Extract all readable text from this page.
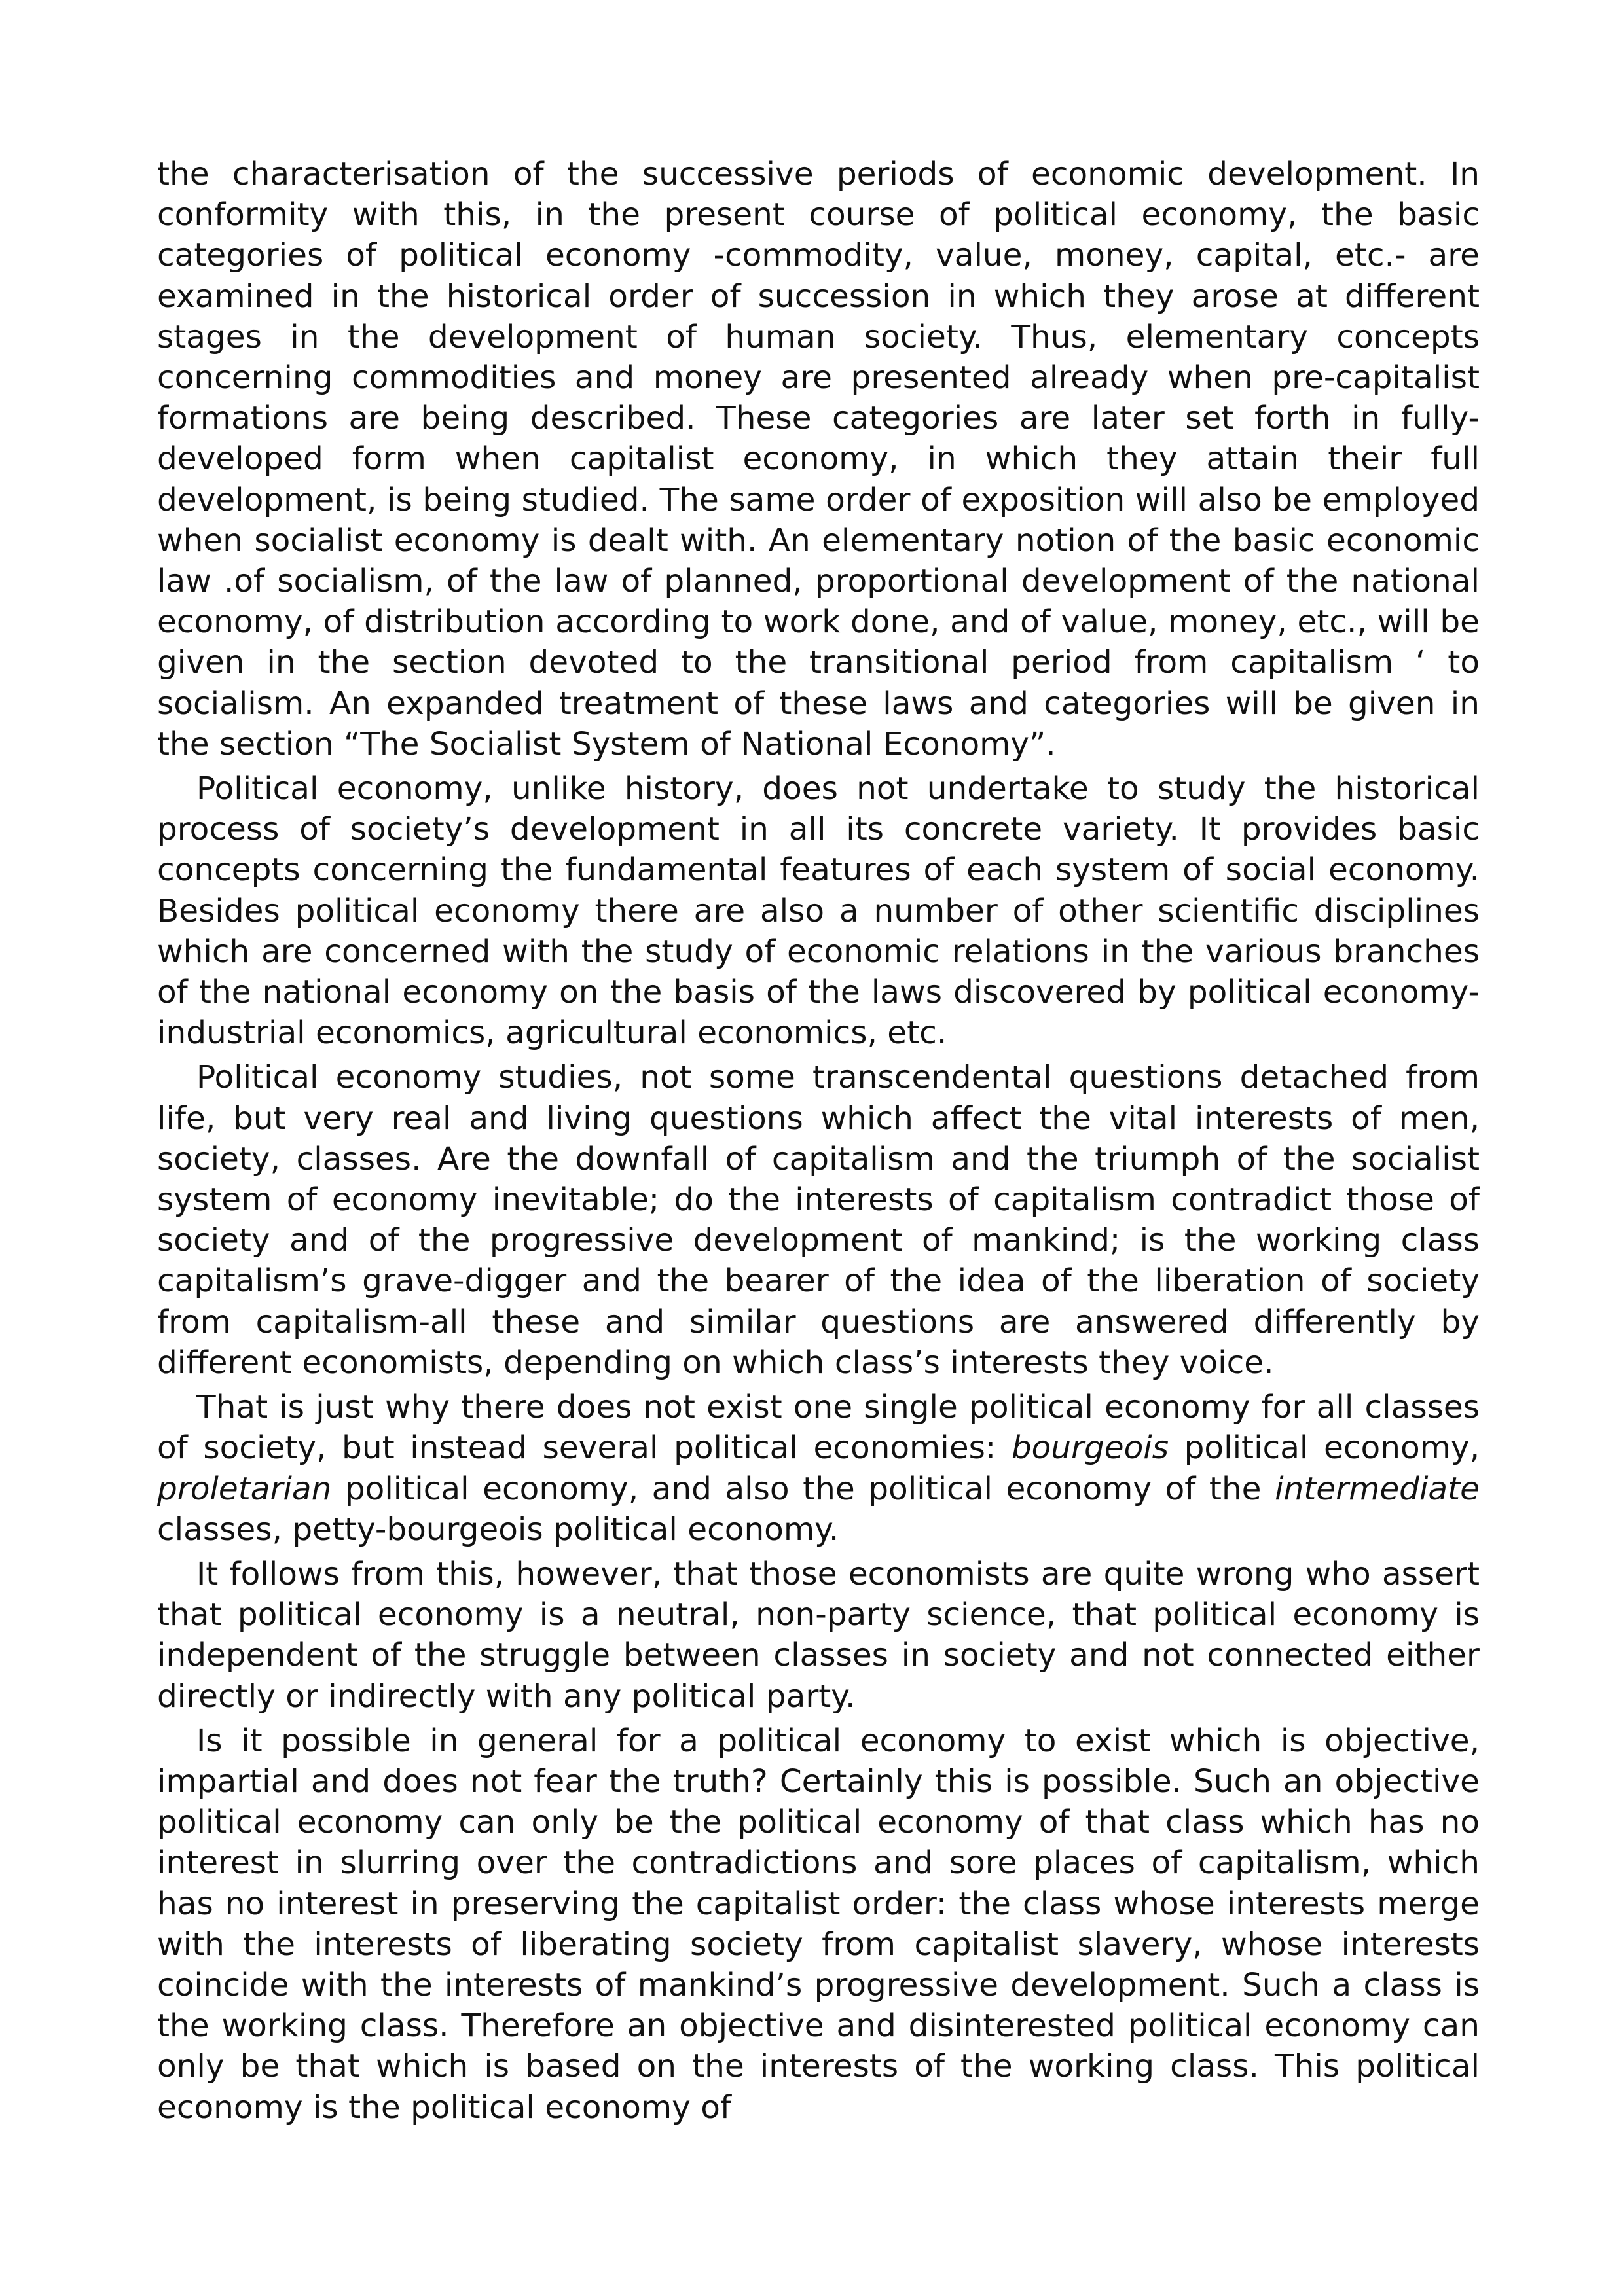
the characterisation of the successive periods of economic development. In conformity with this, in the present course of political economy, the basic categories of political economy -commodity, value, money, capital, etc.- are examined in the historical order of succession in which they arose at different stages in the development of human society. Thus, elementary concepts concerning commodities and money are presented already when pre-capitalist formations are being described. These categories are later set forth in fully-developed form when capitalist economy, in which they attain their full development, is being studied. The same order of exposition will also be employed when socialist economy is dealt with. An elementary notion of the basic economic law .of socialism, of the law of planned, proportional development of the national economy, of distribution according to work done, and of value, money, etc., will be given in the section devoted to the transitional period from capitalism ‘ to socialism. An expanded treatment of these laws and categories will be given in the section “The Socialist System of National Economy”.

Political economy, unlike history, does not undertake to study the historical process of society’s development in all its concrete variety. It provides basic concepts concerning the fundamental features of each system of social economy. Besides political economy there are also a number of other scientific disciplines which are concerned with the study of economic relations in the various branches of the national economy on the basis of the laws discovered by political economy-industrial economics, agricultural economics, etc.

Political economy studies, not some transcendental questions detached from life, but very real and living questions which affect the vital interests of men, society, classes. Are the downfall of capitalism and the triumph of the socialist system of economy inevitable; do the interests of capitalism contradict those of society and of the progressive development of mankind; is the working class capitalism’s grave-digger and the bearer of the idea of the liberation of society from capitalism-all these and similar questions are answered differently by different economists, depending on which class’s interests they voice.

That is just why there does not exist one single political economy for all classes of society, but instead several political economies: bourgeois political economy, proletarian political economy, and also the political economy of the intermediate classes, petty-bourgeois political economy.

It follows from this, however, that those economists are quite wrong who assert that political economy is a neutral, non-party science, that political economy is independent of the struggle between classes in society and not connected either directly or indirectly with any political party.

Is it possible in general for a political economy to exist which is objective, impartial and does not fear the truth? Certainly this is possible. Such an objective political economy can only be the political economy of that class which has no interest in slurring over the contradictions and sore places of capitalism, which has no interest in preserving the capitalist order: the class whose interests merge with the interests of liberating society from capitalist slavery, whose interests coincide with the interests of mankind’s progressive development. Such a class is the working class. Therefore an objective and disinterested political economy can only be that which is based on the interests of the working class. This political economy is the political economy of
